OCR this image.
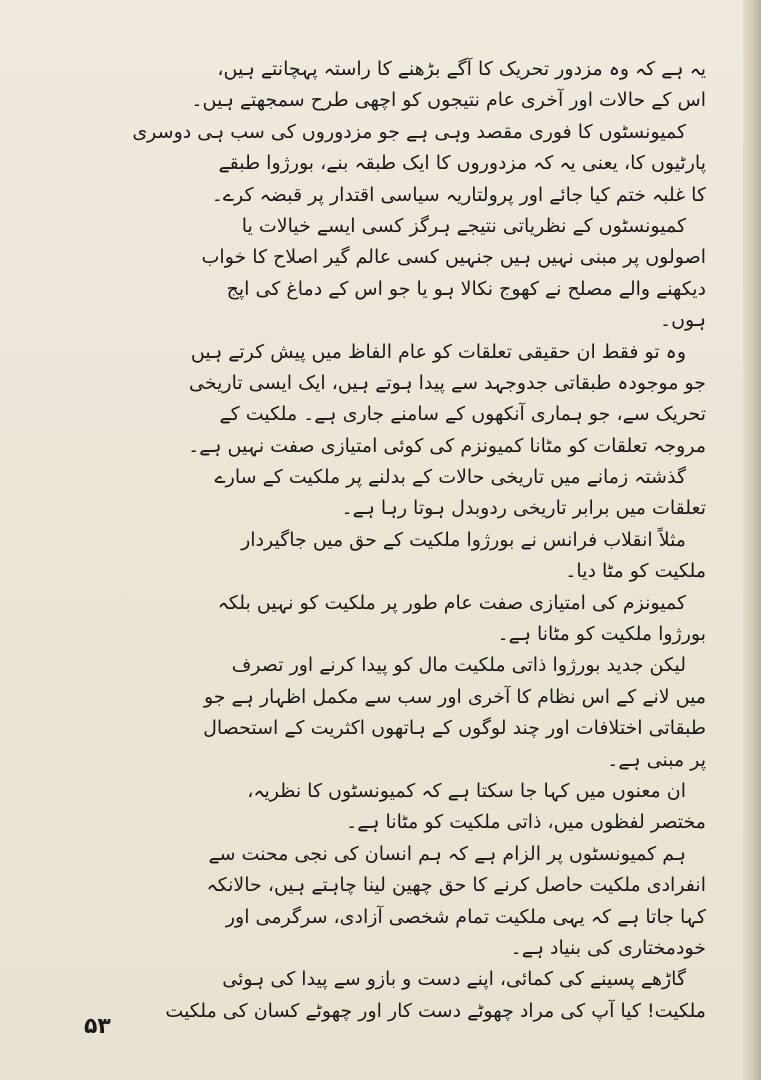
یہ ہے کہ وہ مزدور تحریک کا آگے بڑھنے کا راستہ پہچانتے ہیں،
اس کے حالات اور آخری عام نتیجوں کو اچھی طرح سمجھتے ہیں۔
کمیونسٹوں کا فوری مقصد وہی ہے جو مزدوروں کی سب ہی دوسری
پارٹیوں کا، یعنی یہ کہ مزدوروں کا ایک طبقہ بنے، بورژوا طبقے
کا غلبہ ختم کیا جائے اور پرولتاریہ سیاسی اقتدار پر قبضہ کرے۔
کمیونسٹوں کے نظریاتی نتیجے ہرگز کسی ایسے خیالات یا
اصولوں پر مبنی نہیں ہیں جنہیں کسی عالم گیر اصلاح کا خواب
دیکھنے والے مصلح نے کھوج نکالا ہو یا جو اس کے دماغ کی اپج
ہوں۔
وہ تو فقط ان حقیقی تعلقات کو عام الفاظ میں پیش کرتے ہیں
جو موجودہ طبقاتی جدوجہد سے پیدا ہوتے ہیں، ایک ایسی تاریخی
تحریک سے، جو ہماری آنکھوں کے سامنے جاری ہے۔ ملکیت کے
مروجہ تعلقات کو مٹانا کمیونزم کی کوئی امتیازی صفت نہیں ہے۔
گذشتہ زمانے میں تاریخی حالات کے بدلنے پر ملکیت کے سارے
تعلقات میں برابر تاریخی ردوبدل ہوتا رہا ہے۔
مثلاً انقلاب فرانس نے بورژوا ملکیت کے حق میں جاگیردار
ملکیت کو مٹا دیا۔
کمیونزم کی امتیازی صفت عام طور پر ملکیت کو نہیں بلکہ
بورژوا ملکیت کو مٹانا ہے۔
لیکن جدید بورژوا ذاتی ملکیت مال کو پیدا کرنے اور تصرف
میں لانے کے اس نظام کا آخری اور سب سے مکمل اظہار ہے جو
طبقاتی اختلافات اور چند لوگوں کے ہاتھوں اکثریت کے استحصال
پر مبنی ہے۔
ان معنوں میں کہا جا سکتا ہے کہ کمیونسٹوں کا نظریہ،
مختصر لفظوں میں، ذاتی ملکیت کو مٹانا ہے۔
ہم کمیونسٹوں پر الزام ہے کہ ہم انسان کی نجی محنت سے
انفرادی ملکیت حاصل کرنے کا حق چھین لینا چاہتے ہیں، حالانکہ
کہا جاتا ہے کہ یہی ملکیت تمام شخصی آزادی، سرگرمی اور
خودمختاری کی بنیاد ہے۔
گاڑھے پسینے کی کمائی، اپنے دست و بازو سے پیدا کی ہوئی
ملکیت! کیا آپ کی مراد چھوٹے دست کار اور چھوٹے کسان کی ملکیت
۵۳
